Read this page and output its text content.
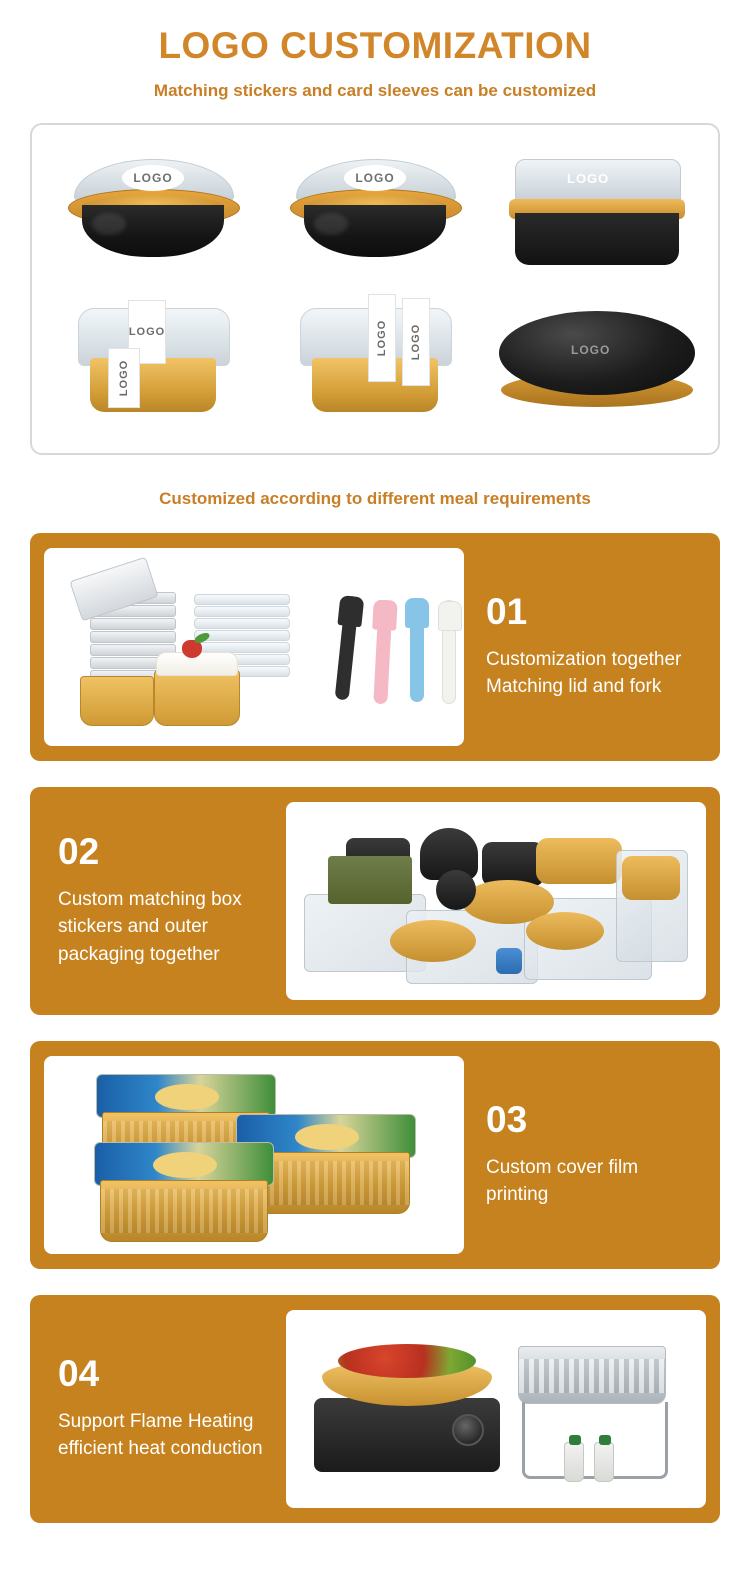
LOGO CUSTOMIZATION
Matching stickers and card sleeves can be customized
LOGO	LOGO	LOGO
LOGO
LOGO
LOGO	LOGO	LOGO
Customized according to different meal requirements
01
Customization together Matching lid and fork
02
Custom matching box stickers and outer packaging together
03
Custom cover film printing
04
Support Flame Heating efficient heat conduction
